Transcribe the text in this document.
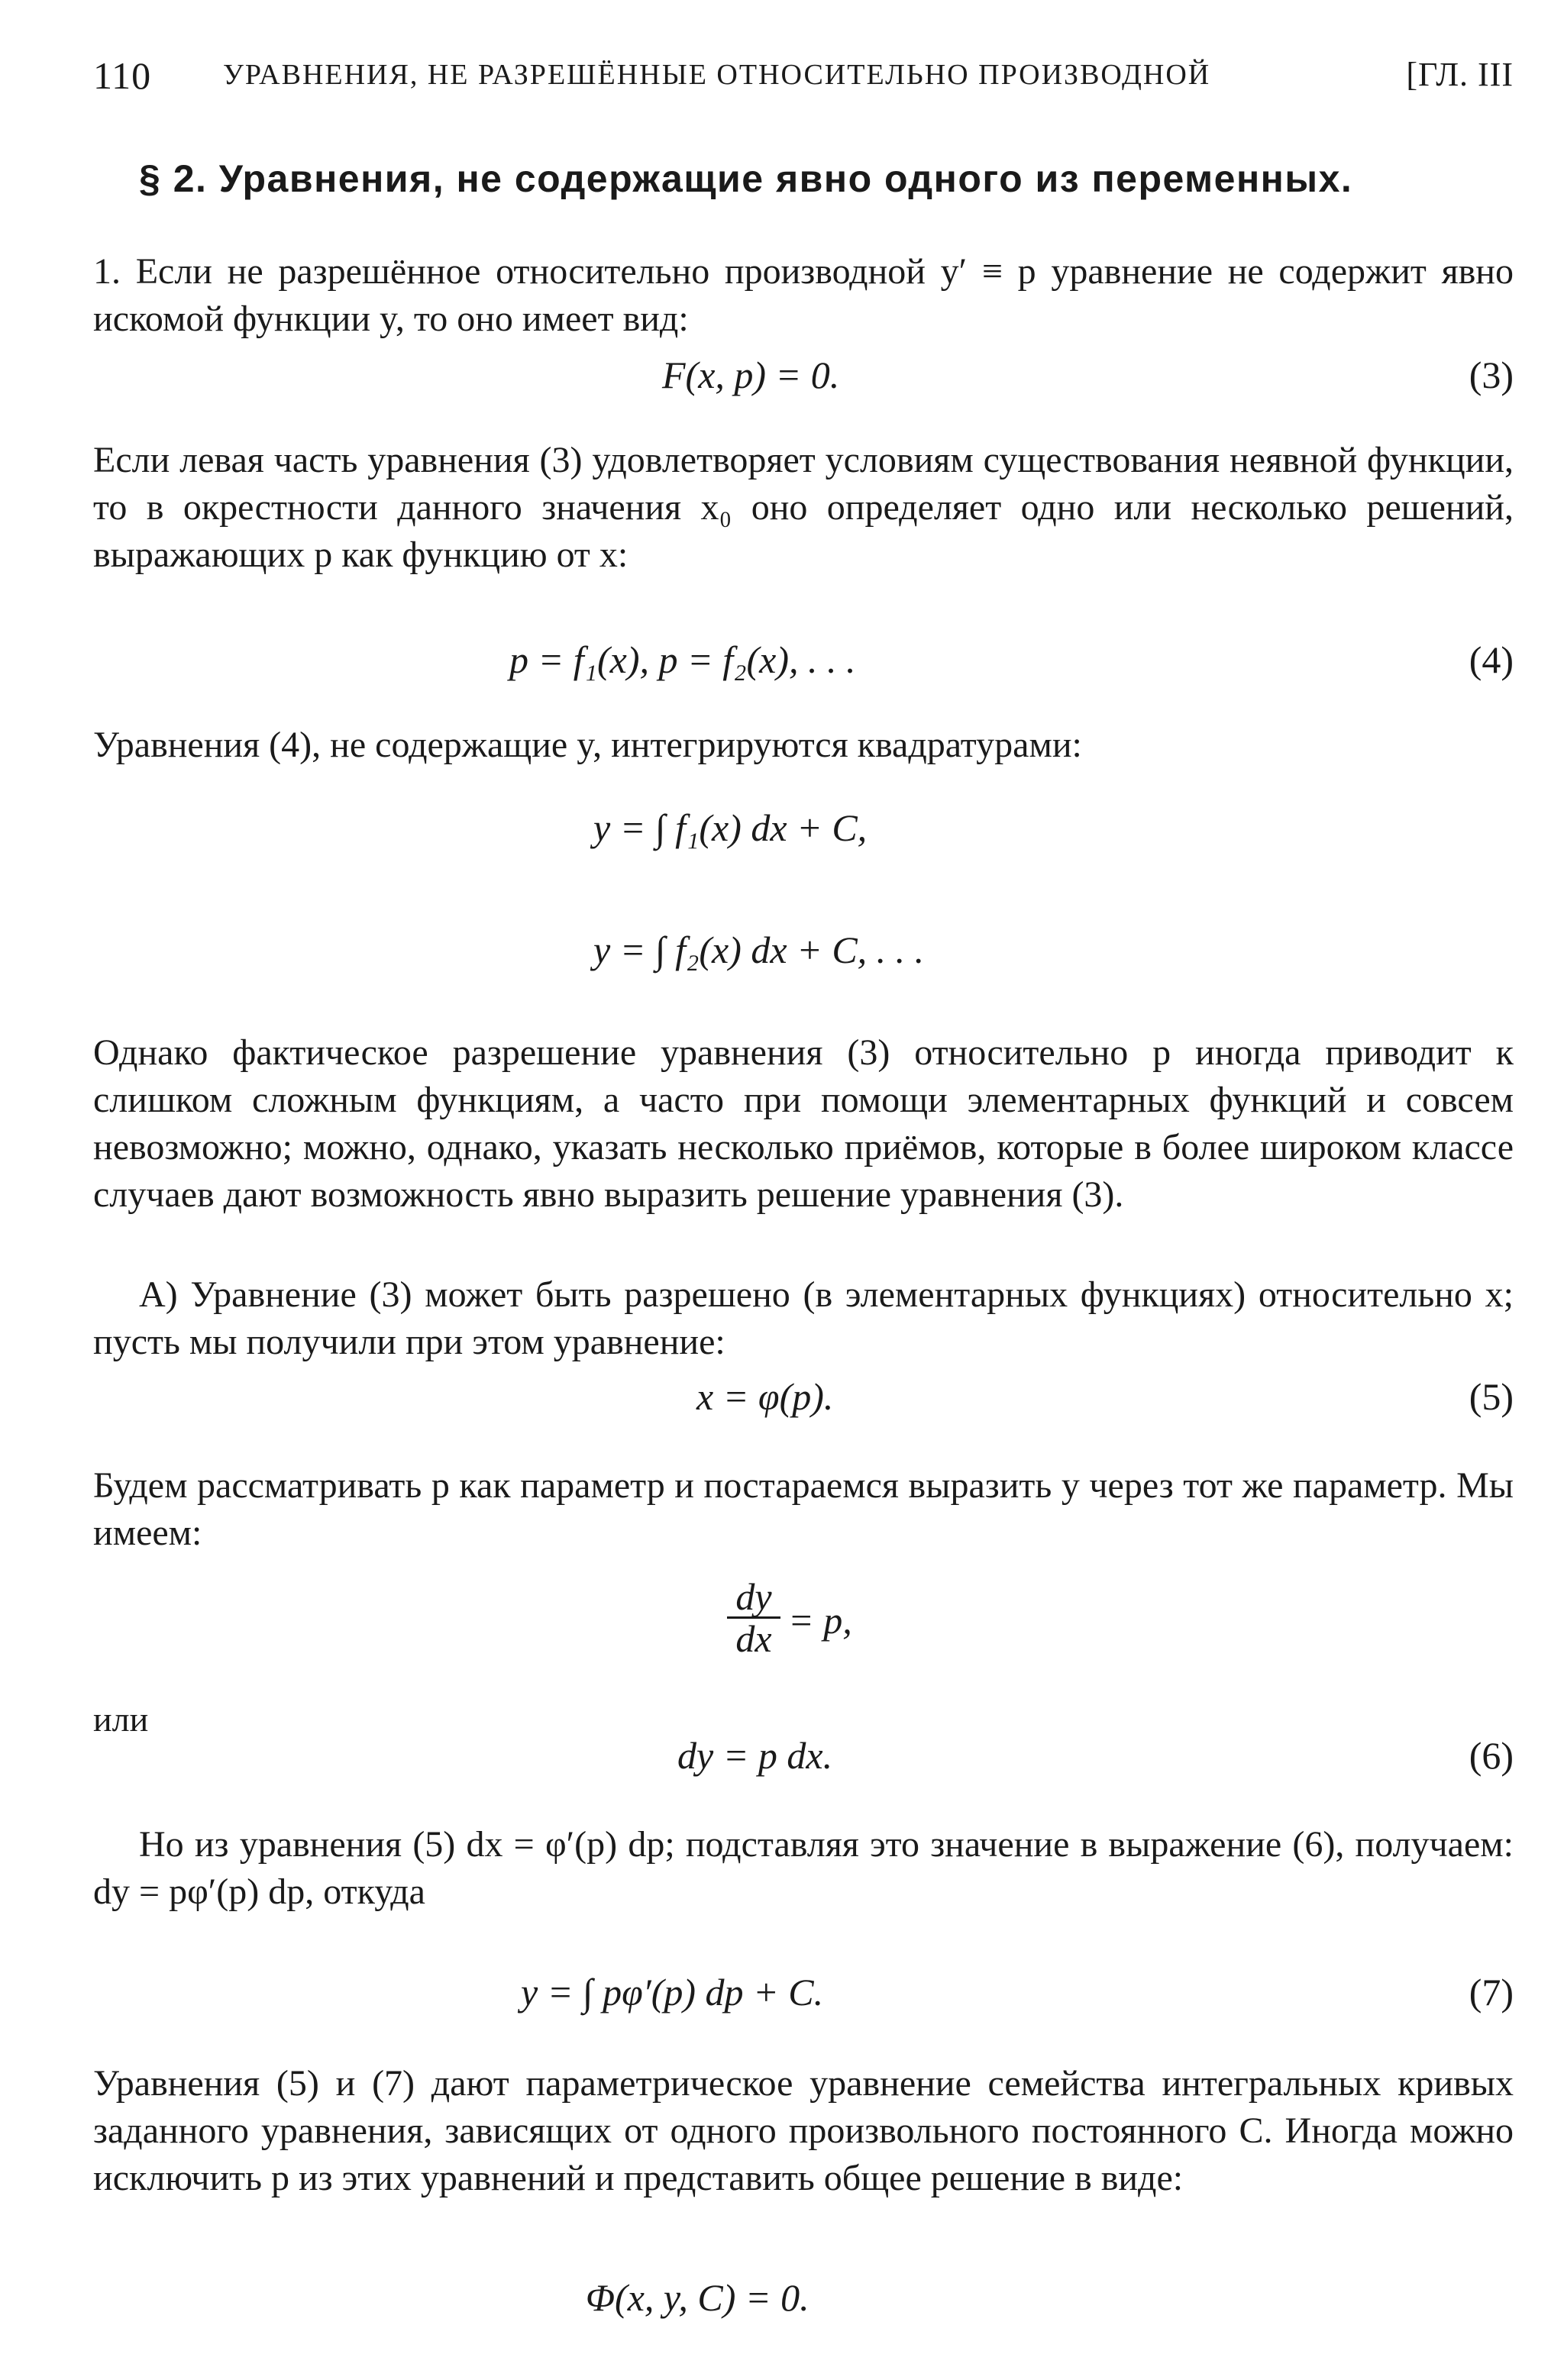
110 УРАВНЕНИЯ, НЕ РАЗРЕШЁННЫЕ ОТНОСИТЕЛЬНО ПРОИЗВОДНОЙ	[ГЛ. III
§ 2. Уравнения, не содержащие явно одного из переменных.
1. Если не разрешённое относительно производной y′ ≡ p уравнение не содержит явно искомой функции y, то оно имеет вид:
F(x, p) = 0.	(3)
Если левая часть уравнения (3) удовлетворяет условиям существования неявной функции, то в окрестности данного значения x₀ оно определяет одно или несколько решений, выражающих p как функцию от x:
p = f₁(x), p = f₂(x), . . .	(4)
Уравнения (4), не содержащие y, интегрируются квадратурами:
y = ∫ f₁(x) dx + C,
y = ∫ f₂(x) dx + C, . . .
Однако фактическое разрешение уравнения (3) относительно p иногда приводит к слишком сложным функциям, а часто при помощи элементарных функций и совсем невозможно; можно, однако, указать несколько приёмов, которые в более широком классе случаев дают возможность явно выразить решение уравнения (3).
А) Уравнение (3) может быть разрешено (в элементарных функциях) относительно x; пусть мы получили при этом уравнение:
x = φ(p).	(5)
Будем рассматривать p как параметр и постараемся выразить y через тот же параметр. Мы имеем:
$\frac{dy}{dx} = p$,
или
dy = p dx.	(6)
Но из уравнения (5) dx = φ′(p) dp; подставляя это значение в выражение (6), получаем: dy = pφ′(p) dp, откуда
y = ∫ pφ′(p) dp + C.	(7)
Уравнения (5) и (7) дают параметрическое уравнение семейства интегральных кривых заданного уравнения, зависящих от одного произвольного постоянного C. Иногда можно исключить p из этих уравнений и представить общее решение в виде:
Φ(x, y, C) = 0.
